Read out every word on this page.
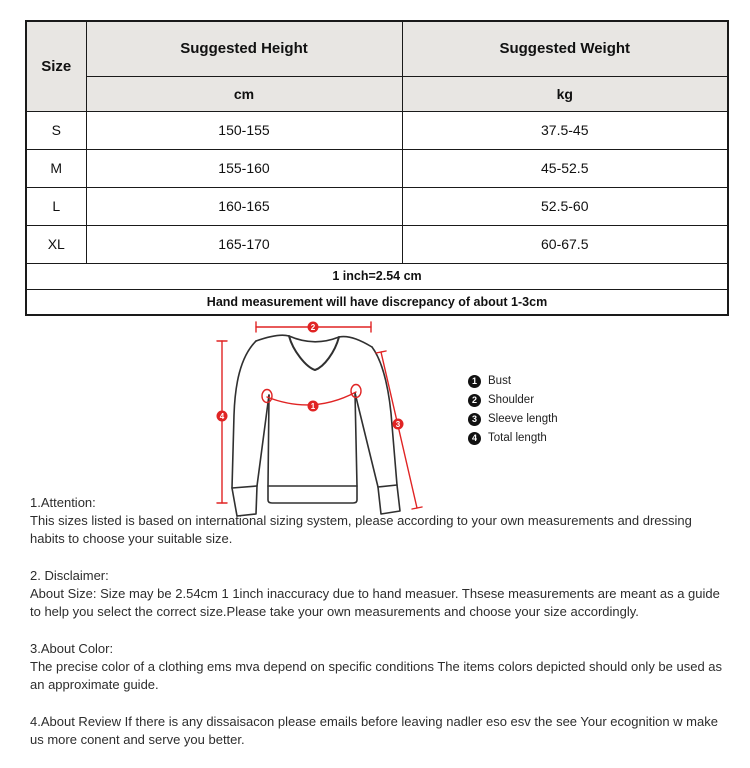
Size	Suggested Height	Suggested Weight
	cm	kg
S	150-155	37.5-45
M	155-160	45-52.5
L	160-165	52.5-60
XL	165-170	60-67.5
1 inch=2.54 cm		
Hand measurement will have discrepancy of about 1-3cm		
1
2
3
4
1 Bust
2 Shoulder
3 Sleeve length
4 Total length
1.Attention:
This sizes listed is based on international sizing system, please according to your own measurements and dressing habits to choose your suitable size.
2. Disclaimer:
About Size: Size may be 2.54cm 1 1inch inaccuracy due to hand measuer. Thsese measurements are meant as a guide to help you select the correct size.Please take your own measurements and choose your size accordingly.
3.About Color:
The precise color of a clothing ems mva depend on specific conditions The items colors depicted should only be used as an approximate guide.
4.About Review If there is any dissaisacon please emails before leaving nadler eso esv the see Your ecognition w make us more conent and serve you better.
